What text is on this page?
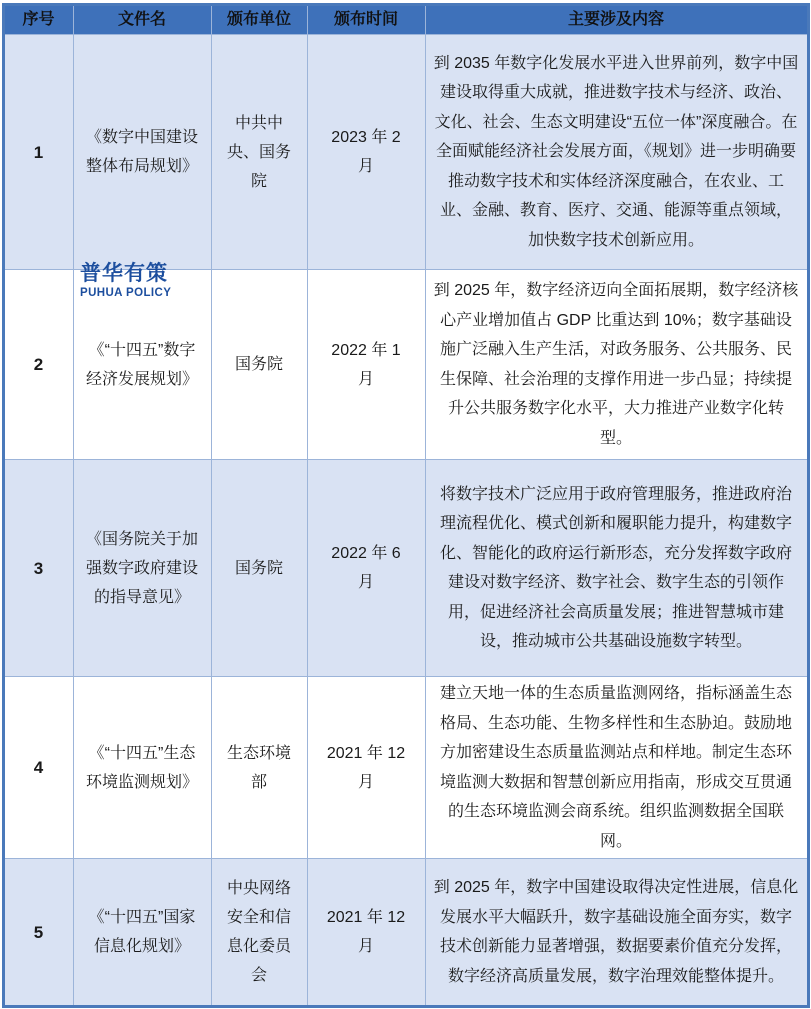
序号	文件名	颁布单位	颁布时间	主要涉及内容
1	《数字中国建设整体布局规划》	中共中央、国务院	2023 年 2 月	到 2035 年数字化发展水平进入世界前列，数字中国建设取得重大成就，推进数字技术与经济、政治、文化、社会、生态文明建设“五位一体”深度融合。在全面赋能经济社会发展方面，《规划》进一步明确要推动数字技术和实体经济深度融合，在农业、工业、金融、教育、医疗、交通、能源等重点领域，加快数字技术创新应用。
2	《“十四五”数字经济发展规划》	国务院	2022 年 1 月	到 2025 年，数字经济迈向全面拓展期，数字经济核心产业增加值占 GDP 比重达到 10%；数字基础设施广泛融入生产生活，对政务服务、公共服务、民生保障、社会治理的支撑作用进一步凸显；持续提升公共服务数字化水平，大力推进产业数字化转型。
3	《国务院关于加强数字政府建设的指导意见》	国务院	2022 年 6 月	将数字技术广泛应用于政府管理服务，推进政府治理流程优化、模式创新和履职能力提升，构建数字化、智能化的政府运行新形态，充分发挥数字政府建设对数字经济、数字社会、数字生态的引领作用，促进经济社会高质量发展；推进智慧城市建设，推动城市公共基础设施数字转型。
4	《“十四五”生态环境监测规划》	生态环境部	2021 年 12 月	建立天地一体的生态质量监测网络，指标涵盖生态格局、生态功能、生物多样性和生态胁迫。鼓励地方加密建设生态质量监测站点和样地。制定生态环境监测大数据和智慧创新应用指南，形成交互贯通的生态环境监测会商系统。组织监测数据全国联网。
5	《“十四五”国家信息化规划》	中央网络安全和信息化委员会	2021 年 12 月	到 2025 年，数字中国建设取得决定性进展，信息化发展水平大幅跃升，数字基础设施全面夯实，数字技术创新能力显著增强，数据要素价值充分发挥，数字经济高质量发展，数字治理效能整体提升。
普华有策
PUHUA POLICY
